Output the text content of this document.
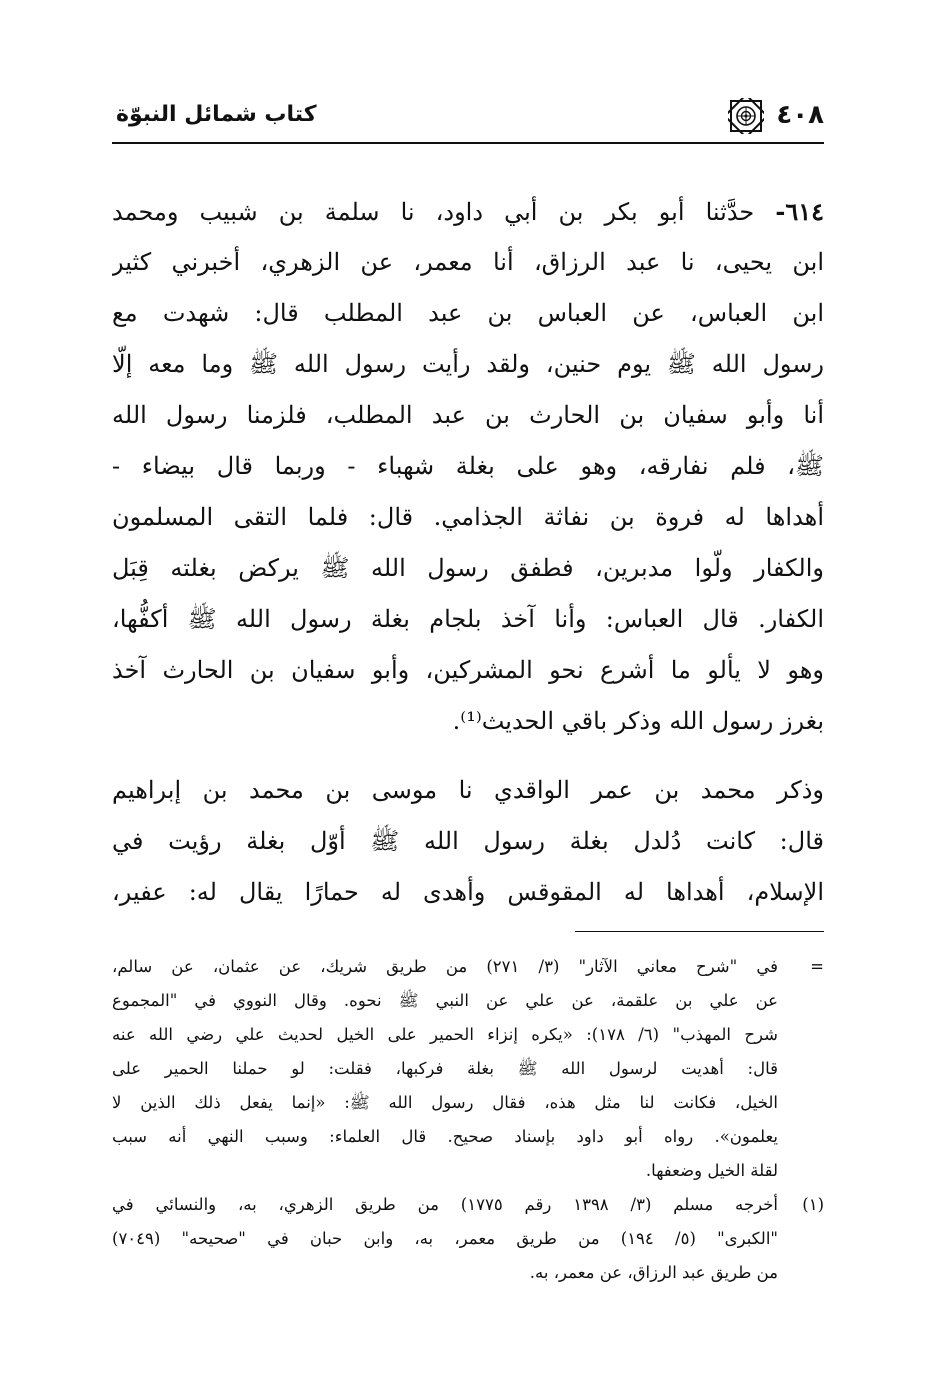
٤٠٨
كتاب شمائل النبوّة

٦١٤- حدَّثنا أبو بكر بن أبي داود، نا سلمة بن شبيب ومحمد

ابن يحيى، نا عبد الرزاق، أنا معمر، عن الزهري، أخبرني كثير

ابن العباس، عن العباس بن عبد المطلب قال: شهدت مع

رسول الله ﷺ يوم حنين، ولقد رأيت رسول الله ﷺ وما معه إلّا

أنا وأبو سفيان بن الحارث بن عبد المطلب، فلزمنا رسول الله

ﷺ، فلم نفارقه، وهو على بغلة شهباء - وربما قال بيضاء -

أهداها له فروة بن نفاثة الجذامي. قال: فلما التقى المسلمون

والكفار ولّوا مدبرين، فطفق رسول الله ﷺ يركض بغلته قِبَل

الكفار. قال العباس: وأنا آخذ بلجام بغلة رسول الله ﷺ أكفُّها،

وهو لا يألو ما أشرع نحو المشركين، وأبو سفيان بن الحارث آخذ

بغرز رسول الله وذكر باقي الحديث⁽¹⁾.

وذكر محمد بن عمر الواقدي نا موسى بن محمد بن إبراهيم

قال: كانت دُلدل بغلة رسول الله ﷺ أوّل بغلة رؤيت في

الإسلام، أهداها له المقوقس وأهدى له حمارًا يقال له: عفير،

=

في "شرح معاني الآثار" (٣/ ٢٧١) من طريق شريك، عن عثمان، عن سالم،

عن علي بن علقمة، عن علي عن النبي ﷺ نحوه. وقال النووي في "المجموع

شرح المهذب" (٦/ ١٧٨): «يكره إنزاء الحمير على الخيل لحديث علي رضي الله عنه

قال: أهديت لرسول الله ﷺ بغلة فركبها، فقلت: لو حملنا الحمير على

الخيل، فكانت لنا مثل هذه، فقال رسول الله ﷺ: «إنما يفعل ذلك الذين لا

يعلمون». رواه أبو داود بإسناد صحيح. قال العلماء: وسبب النهي أنه سبب

لقلة الخيل وضعفها.

(١)

أخرجه مسلم (٣/ ١٣٩٨ رقم ١٧٧٥) من طريق الزهري، به، والنسائي في

"الكبرى" (٥/ ١٩٤) من طريق معمر، به، وابن حبان في "صحيحه" (٧٠٤٩)

من طريق عبد الرزاق، عن معمر، به.
